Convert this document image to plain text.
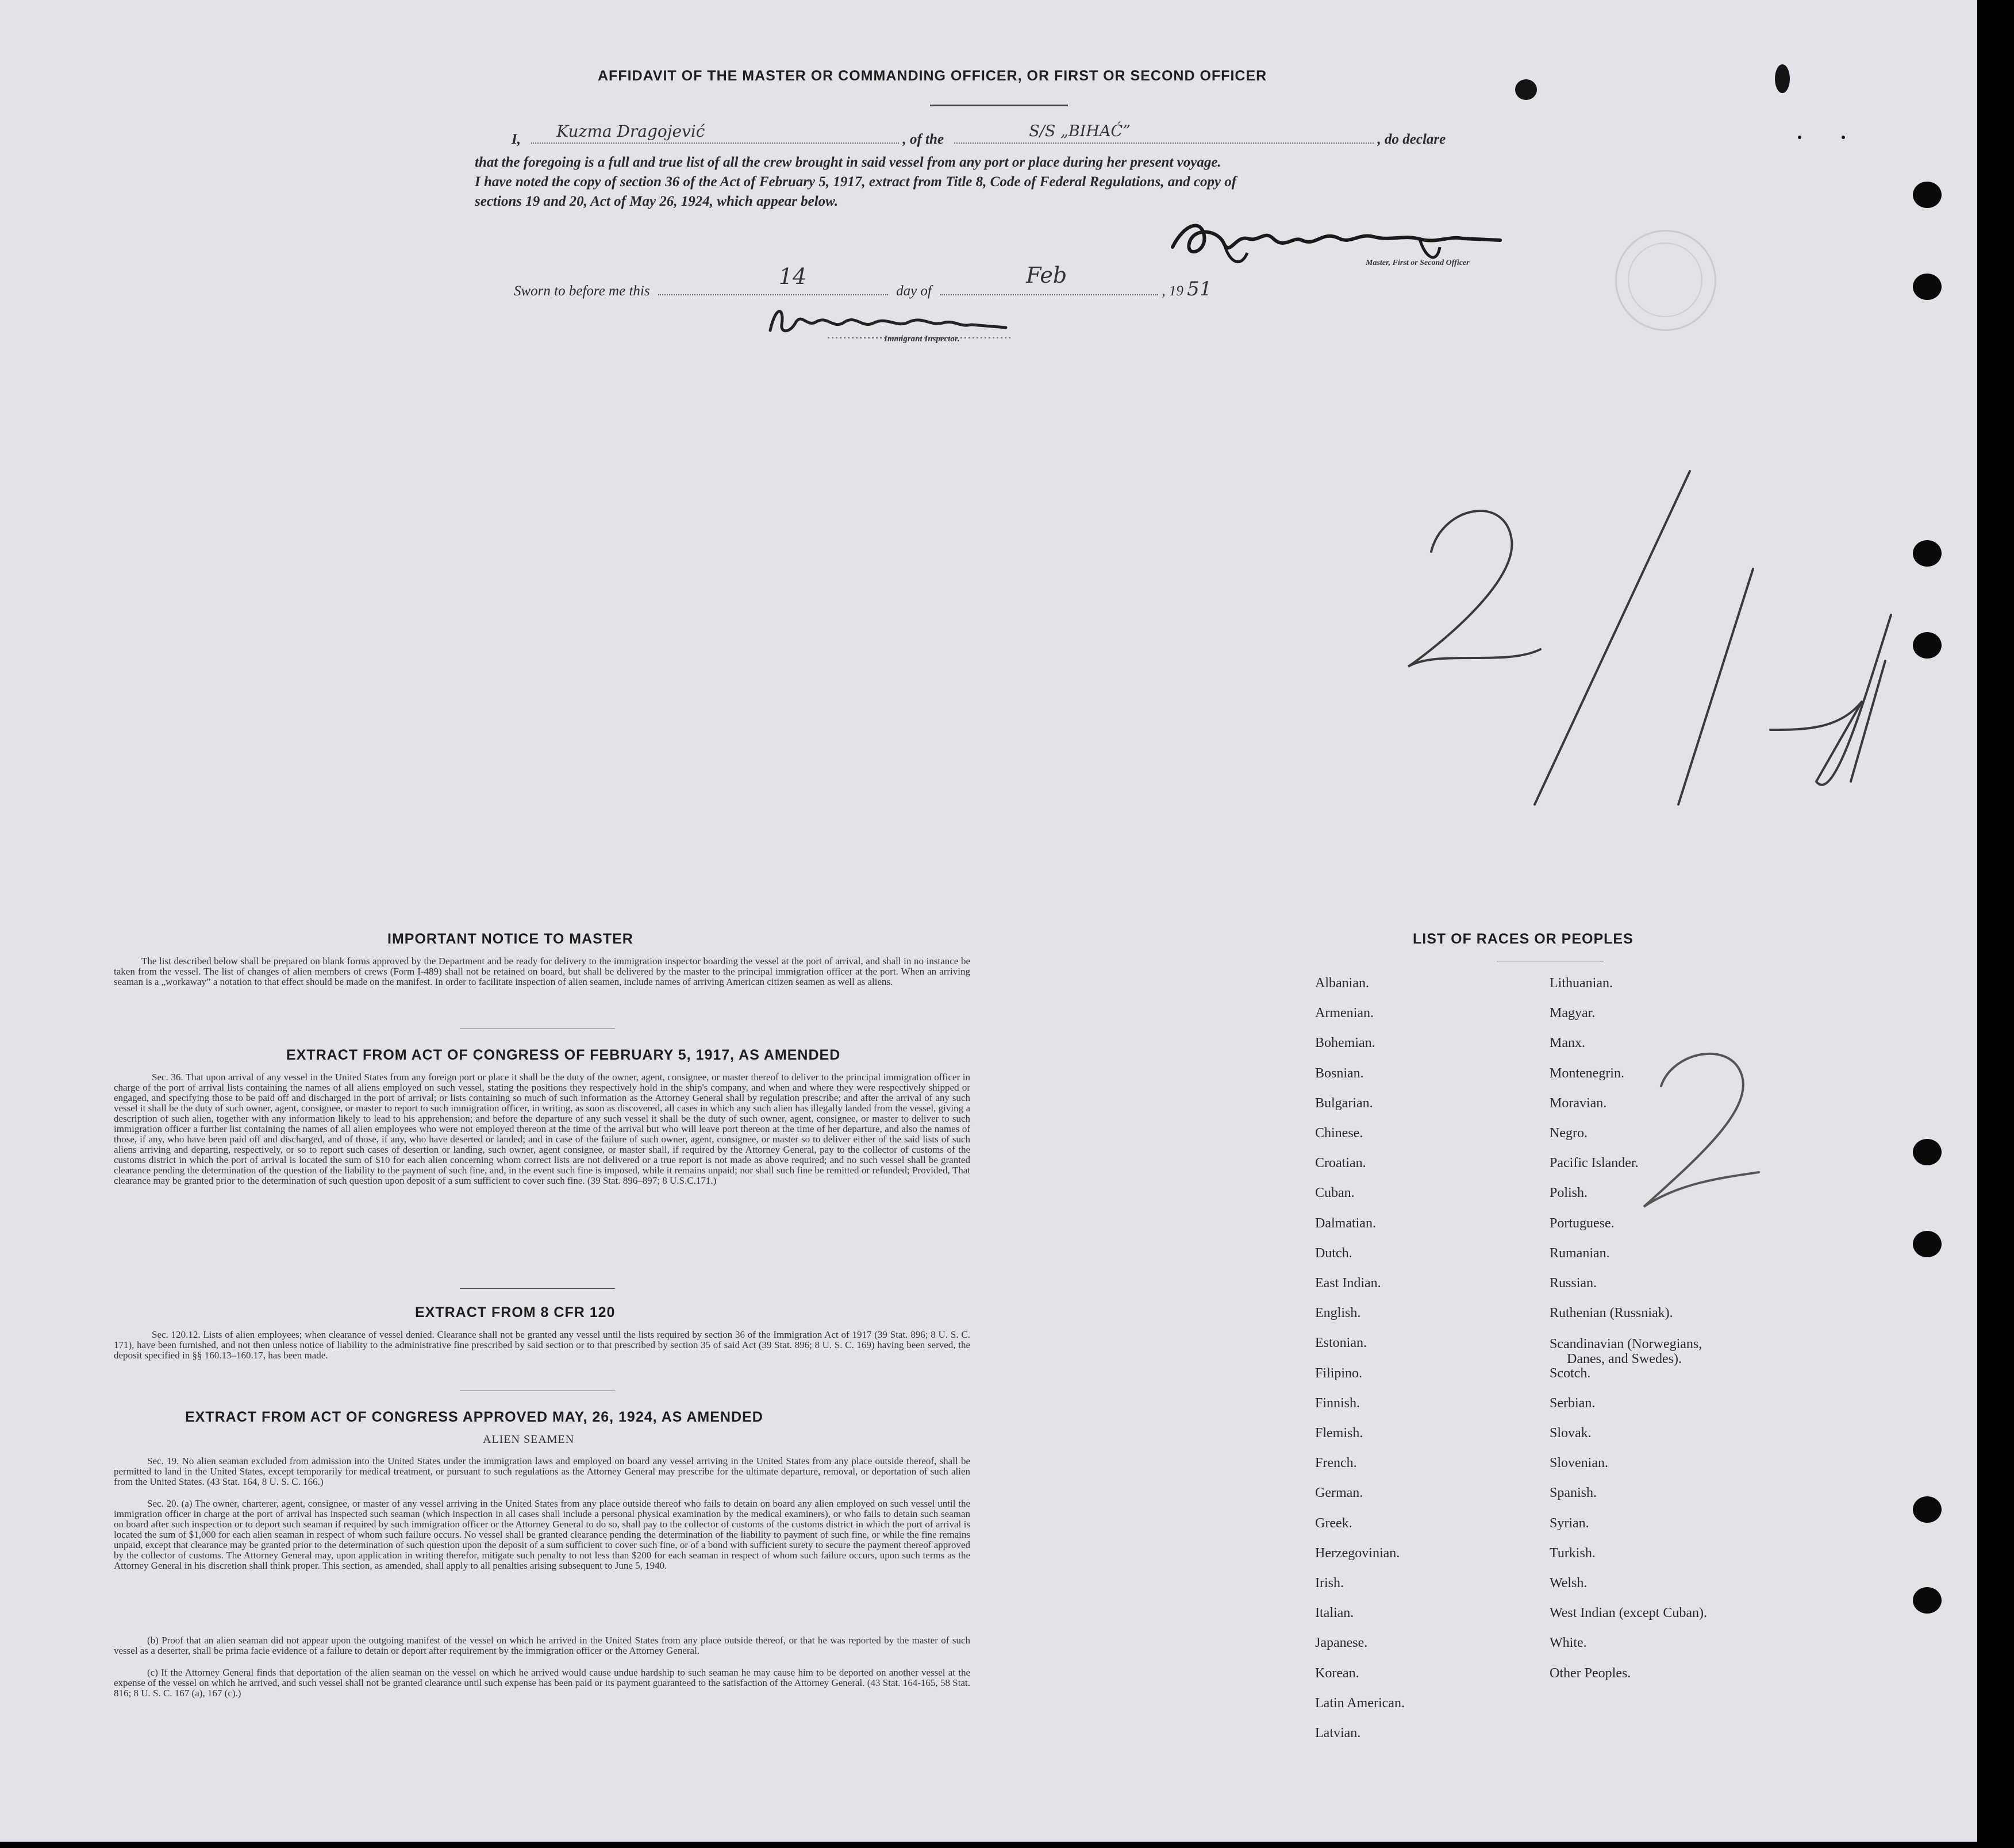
AFFIDAVIT OF THE MASTER OR COMMANDING OFFICER, OR FIRST OR SECOND OFFICER
I, Kuzma Dragojević	, of the	S/S „BIHAĆ”	, do declare
that the foregoing is a full and true list of all the crew brought in said vessel from any port or place during her present voyage.
I have noted the copy of section 36 of the Act of February 5, 1917, extract from Title 8, Code of Federal Regulations, and copy of
sections 19 and 20, Act of May 26, 1924, which appear below.
Master, First or Second Officer
Sworn to before me this
14
day of
Feb
, 19 51
Immigrant Inspector.
IMPORTANT NOTICE TO MASTER
The list described below shall be prepared on blank forms approved by the Department and be ready for delivery to the immigration inspector boarding the vessel at the port of arrival, and shall in no instance be taken from the vessel. The list of changes of alien members of crews (Form I-489) shall not be retained on board, but shall be delivered by the master to the principal immigration officer at the port. When an arriving seaman is a „workaway” a notation to that effect should be made on the manifest. In order to facilitate inspection of alien seamen, include names of arriving American citizen seamen as well as aliens.
EXTRACT FROM ACT OF CONGRESS OF FEBRUARY 5, 1917, AS AMENDED
Sec. 36. That upon arrival of any vessel in the United States from any foreign port or place it shall be the duty of the owner, agent, consignee, or master thereof to deliver to the principal immigration officer in charge of the port of arrival lists containing the names of all aliens employed on such vessel, stating the positions they respectively hold in the ship's company, and when and where they were respectively shipped or engaged, and specifying those to be paid off and discharged in the port of arrival; or lists containing so much of such information as the Attorney General shall by regulation prescribe; and after the arrival of any such vessel it shall be the duty of such owner, agent, consignee, or master to report to such immigration officer, in writing, as soon as discovered, all cases in which any such alien has illegally landed from the vessel, giving a description of such alien, together with any information likely to lead to his apprehension; and before the departure of any such vessel it shall be the duty of such owner, agent, consignee, or master to deliver to such immigration officer a further list containing the names of all alien employees who were not employed thereon at the time of the arrival but who will leave port thereon at the time of her departure, and also the names of those, if any, who have been paid off and discharged, and of those, if any, who have deserted or landed; and in case of the failure of such owner, agent, consignee, or master so to deliver either of the said lists of such aliens arriving and departing, respectively, or so to report such cases of desertion or landing, such owner, agent consignee, or master shall, if required by the Attorney General, pay to the collector of customs of the customs district in which the port of arrival is located the sum of $10 for each alien concerning whom correct lists are not delivered or a true report is not made as above required; and no such vessel shall be granted clearance pending the determination of the question of the liability to the payment of such fine, and, in the event such fine is imposed, while it remains unpaid; nor shall such fine be remitted or refunded; Provided, That clearance may be granted prior to the determination of such question upon deposit of a sum sufficient to cover such fine. (39 Stat. 896–897; 8 U.S.C.171.)
EXTRACT FROM 8 CFR 120
Sec. 120.12. Lists of alien employees; when clearance of vessel denied. Clearance shall not be granted any vessel until the lists required by section 36 of the Immigration Act of 1917 (39 Stat. 896; 8 U. S. C. 171), have been furnished, and not then unless notice of liability to the administrative fine prescribed by said section or to that prescribed by section 35 of said Act (39 Stat. 896; 8 U. S. C. 169) having been served, the deposit specified in §§ 160.13–160.17, has been made.
EXTRACT FROM ACT OF CONGRESS APPROVED MAY, 26, 1924, AS AMENDED
ALIEN SEAMEN
Sec. 19. No alien seaman excluded from admission into the United States under the immigration laws and employed on board any vessel arriving in the United States from any place outside thereof, shall be permitted to land in the United States, except temporarily for medical treatment, or pursuant to such regulations as the Attorney General may prescribe for the ultimate departure, removal, or deportation of such alien from the United States. (43 Stat. 164, 8 U. S. C. 166.)
Sec. 20. (a) The owner, charterer, agent, consignee, or master of any vessel arriving in the United States from any place outside thereof who fails to detain on board any alien employed on such vessel until the immigration officer in charge at the port of arrival has inspected such seaman (which inspection in all cases shall include a personal physical examination by the medical examiners), or who fails to detain such seaman on board after such inspection or to deport such seaman if required by such immigration officer or the Attorney General to do so, shall pay to the collector of customs of the customs district in which the port of arrival is located the sum of $1,000 for each alien seaman in respect of whom such failure occurs. No vessel shall be granted clearance pending the determination of the liability to payment of such fine, or while the fine remains unpaid, except that clearance may be granted prior to the determination of such question upon the deposit of a sum sufficient to cover such fine, or of a bond with sufficient surety to secure the payment thereof approved by the collector of customs. The Attorney General may, upon application in writing therefor, mitigate such penalty to not less than $200 for each seaman in respect of whom such failure occurs, upon such terms as the Attorney General in his discretion shall think proper. This section, as amended, shall apply to all penalties arising subsequent to June 5, 1940.
(b) Proof that an alien seaman did not appear upon the outgoing manifest of the vessel on which he arrived in the United States from any place outside thereof, or that he was reported by the master of such vessel as a deserter, shall be prima facie evidence of a failure to detain or deport after requirement by the immigration officer or the Attorney General.
(c) If the Attorney General finds that deportation of the alien seaman on the vessel on which he arrived would cause undue hardship to such seaman he may cause him to be deported on another vessel at the expense of the vessel on which he arrived, and such vessel shall not be granted clearance until such expense has been paid or its payment guaranteed to the satisfaction of the Attorney General. (43 Stat. 164-165, 58 Stat. 816; 8 U. S. C. 167 (a), 167 (c).)
LIST OF RACES OR PEOPLES
Albanian.
Armenian.
Bohemian.
Bosnian.
Bulgarian.
Chinese.
Croatian.
Cuban.
Dalmatian.
Dutch.
East Indian.
English.
Estonian.
Filipino.
Finnish.
Flemish.
French.
German.
Greek.
Herzegovinian.
Irish.
Italian.
Japanese.
Korean.
Latin American.
Latvian.
Lithuanian.
Magyar.
Manx.
Montenegrin.
Moravian.
Negro.
Pacific Islander.
Polish.
Portuguese.
Rumanian.
Russian.
Ruthenian (Russniak).
Scandinavian (Norwegians,
Danes, and Swedes).
Scotch.
Serbian.
Slovak.
Slovenian.
Spanish.
Syrian.
Turkish.
Welsh.
West Indian (except Cuban).
White.
Other Peoples.
